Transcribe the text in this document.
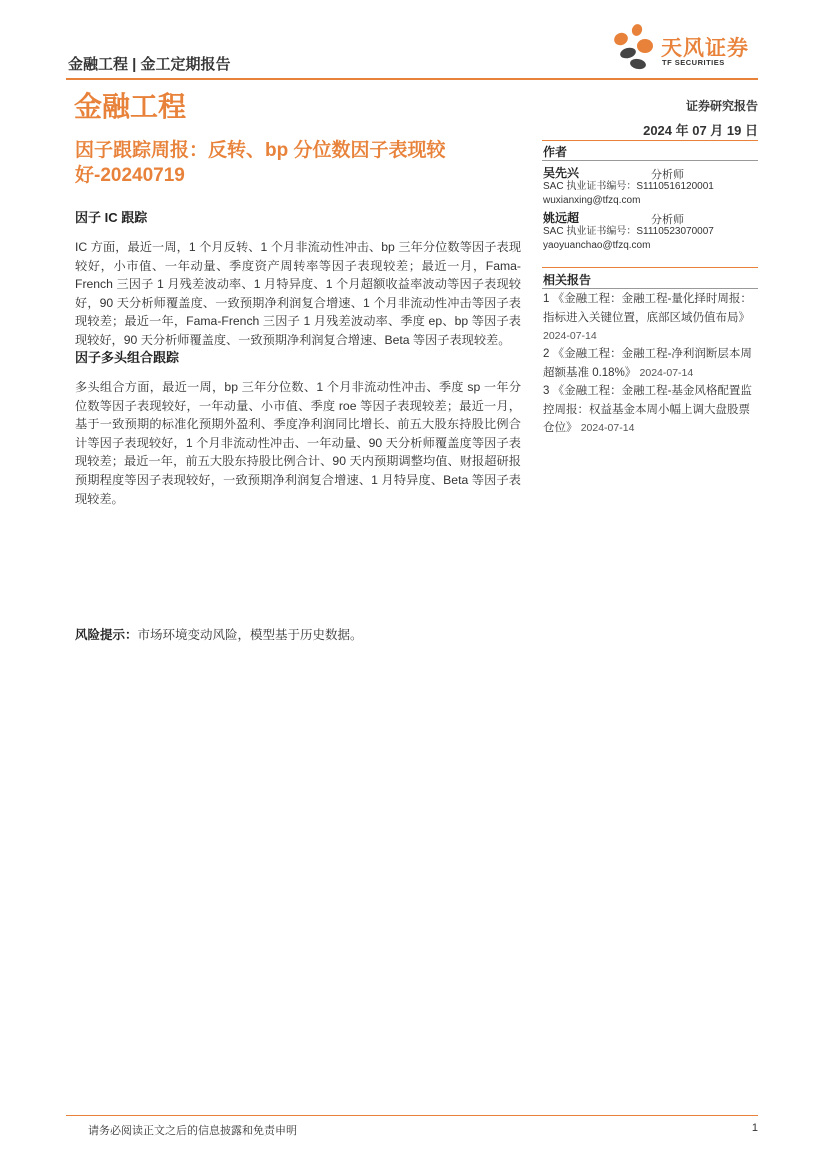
金融工程 | 金工定期报告
天风证券
TF SECURITIES
金融工程	证券研究报告
2024 年 07 月 19 日
因子跟踪周报：反转、bp 分位数因子表现较好-20240719
因子 IC 跟踪
IC 方面，最近一周，1 个月反转、1 个月非流动性冲击、bp 三年分位数等因子表现较好，小市值、一年动量、季度资产周转率等因子表现较差；最近一月，Fama-French 三因子 1 月残差波动率、1 月特异度、1 个月超额收益率波动等因子表现较好，90 天分析师覆盖度、一致预期净利润复合增速、1 个月非流动性冲击等因子表现较差；最近一年，Fama-French 三因子 1 月残差波动率、季度 ep、bp 等因子表现较好，90 天分析师覆盖度、一致预期净利润复合增速、Beta 等因子表现较差。
因子多头组合跟踪
多头组合方面，最近一周，bp 三年分位数、1 个月非流动性冲击、季度 sp 一年分位数等因子表现较好，一年动量、小市值、季度 roe 等因子表现较差；最近一月，基于一致预期的标准化预期外盈利、季度净利润同比增长、前五大股东持股比例合计等因子表现较好，1 个月非流动性冲击、一年动量、90 天分析师覆盖度等因子表现较差；最近一年，前五大股东持股比例合计、90 天内预期调整均值、财报超研报预期程度等因子表现较好，一致预期净利润复合增速、1 月特异度、Beta 等因子表现较差。
风险提示：市场环境变动风险，模型基于历史数据。
作者
吴先兴	分析师
SAC 执业证书编号：S1110516120001
wuxianxing@tfzq.com
姚远超	分析师
SAC 执业证书编号：S1110523070007
yaoyuanchao@tfzq.com
相关报告
1 《金融工程：金融工程-量化择时周报：指标进入关键位置，底部区域仍值布局》 2024-07-14
2 《金融工程：金融工程-净利润断层本周超额基准 0.18%》 2024-07-14
3 《金融工程：金融工程-基金风格配置监控周报：权益基金本周小幅上调大盘股票仓位》 2024-07-14
请务必阅读正文之后的信息披露和免责申明	1
